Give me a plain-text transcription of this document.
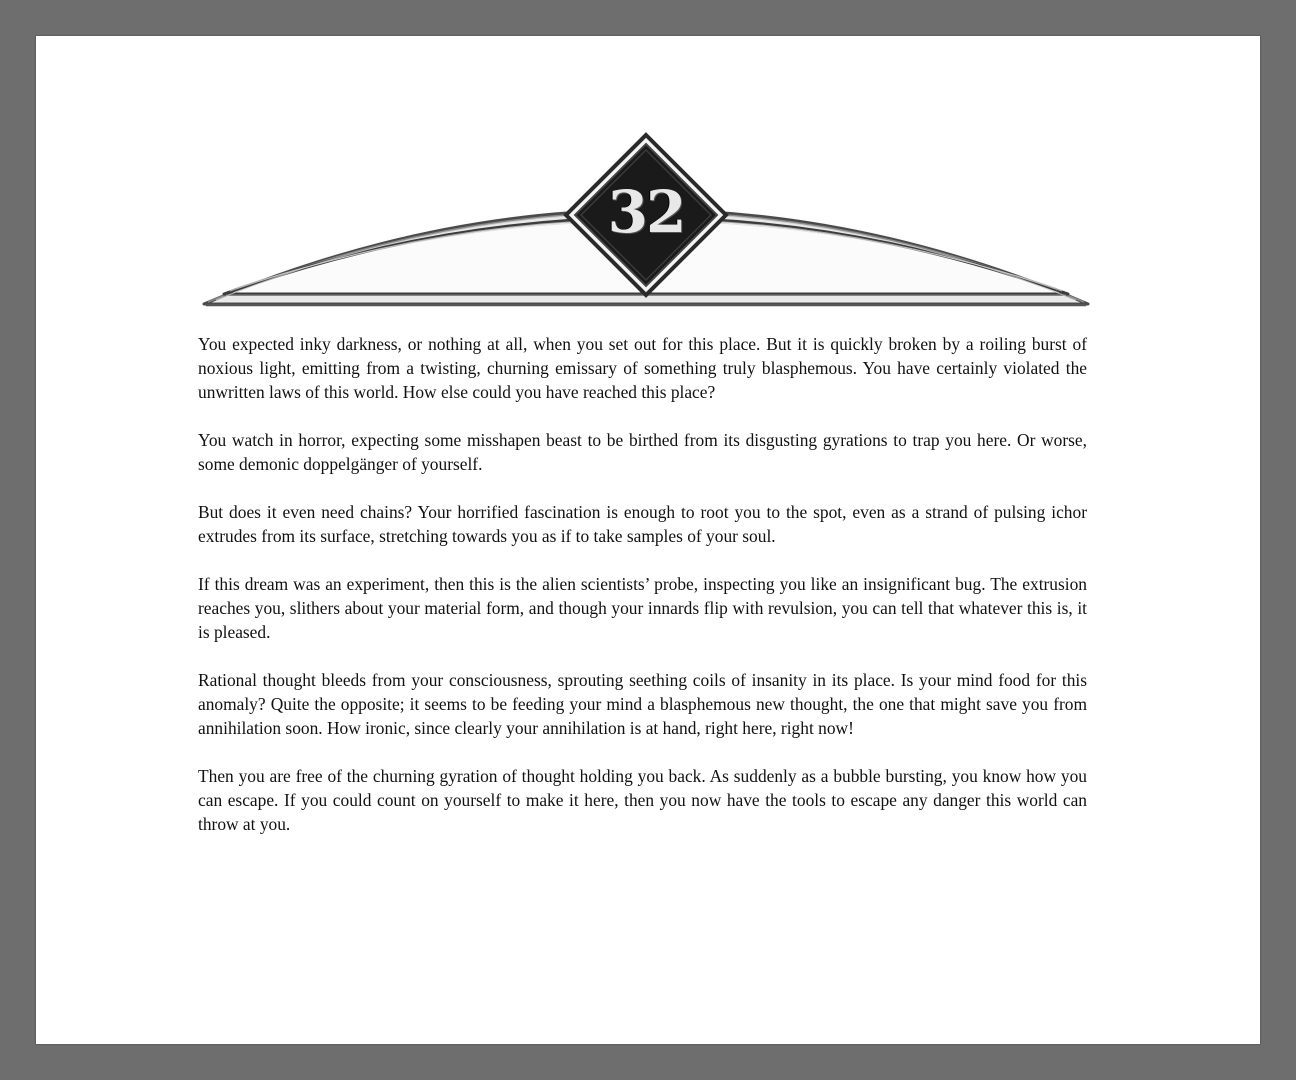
32

You expected inky darkness, or nothing at all, when you set out for this place. But it is quickly broken by a roiling burst of noxious light, emitting from a twisting, churning emissary of something truly blasphemous. You have certainly violated the unwritten laws of this world. How else could you have reached this place?

You watch in horror, expecting some misshapen beast to be birthed from its disgusting gyrations to trap you here. Or worse, some demonic doppelgänger of yourself.

But does it even need chains? Your horrified fascination is enough to root you to the spot, even as a strand of pulsing ichor extrudes from its surface, stretching towards you as if to take samples of your soul.

If this dream was an experiment, then this is the alien scientists’ probe, inspecting you like an insignificant bug. The extrusion reaches you, slithers about your material form, and though your innards flip with revulsion, you can tell that whatever this is, it is pleased.

Rational thought bleeds from your consciousness, sprouting seething coils of insanity in its place. Is your mind food for this anomaly? Quite the opposite; it seems to be feeding your mind a blasphemous new thought, the one that might save you from annihilation soon. How ironic, since clearly your annihilation is at hand, right here, right now!

Then you are free of the churning gyration of thought holding you back. As suddenly as a bubble bursting, you know how you can escape. If you could count on yourself to make it here, then you now have the tools to escape any danger this world can throw at you.
